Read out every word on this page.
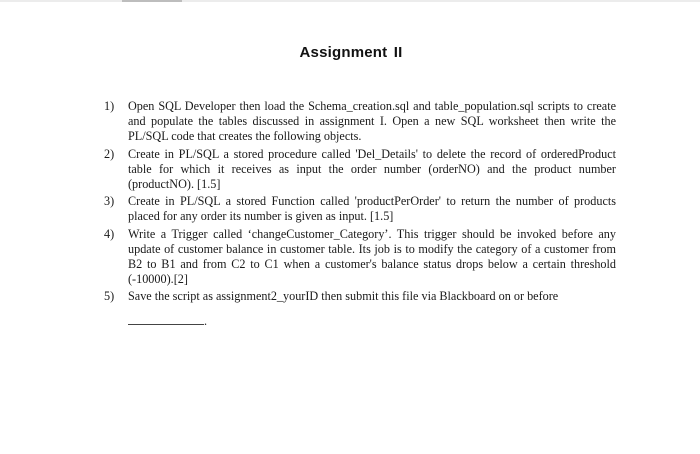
Assignment II
1) Open SQL Developer then load the Schema_creation.sql and table_population.sql scripts to create and populate the tables discussed in assignment I. Open a new SQL worksheet then write the PL/SQL code that creates the following objects.
2) Create in PL/SQL a stored procedure called 'Del_Details' to delete the record of orderedProduct table for which it receives as input the order number (orderNO) and the product number (productNO). [1.5]
3) Create in PL/SQL a stored Function called 'productPerOrder' to return the number of products placed for any order its number is given as input. [1.5]
4) Write a Trigger called ‘changeCustomer_Category’. This trigger should be invoked before any update of customer balance in customer table. Its job is to modify the category of a customer from B2 to B1 and from C2 to C1 when a customer's balance status drops below a certain threshold (-10000).[2]
5) Save the script as assignment2_yourID then submit this file via Blackboard on or before
.
